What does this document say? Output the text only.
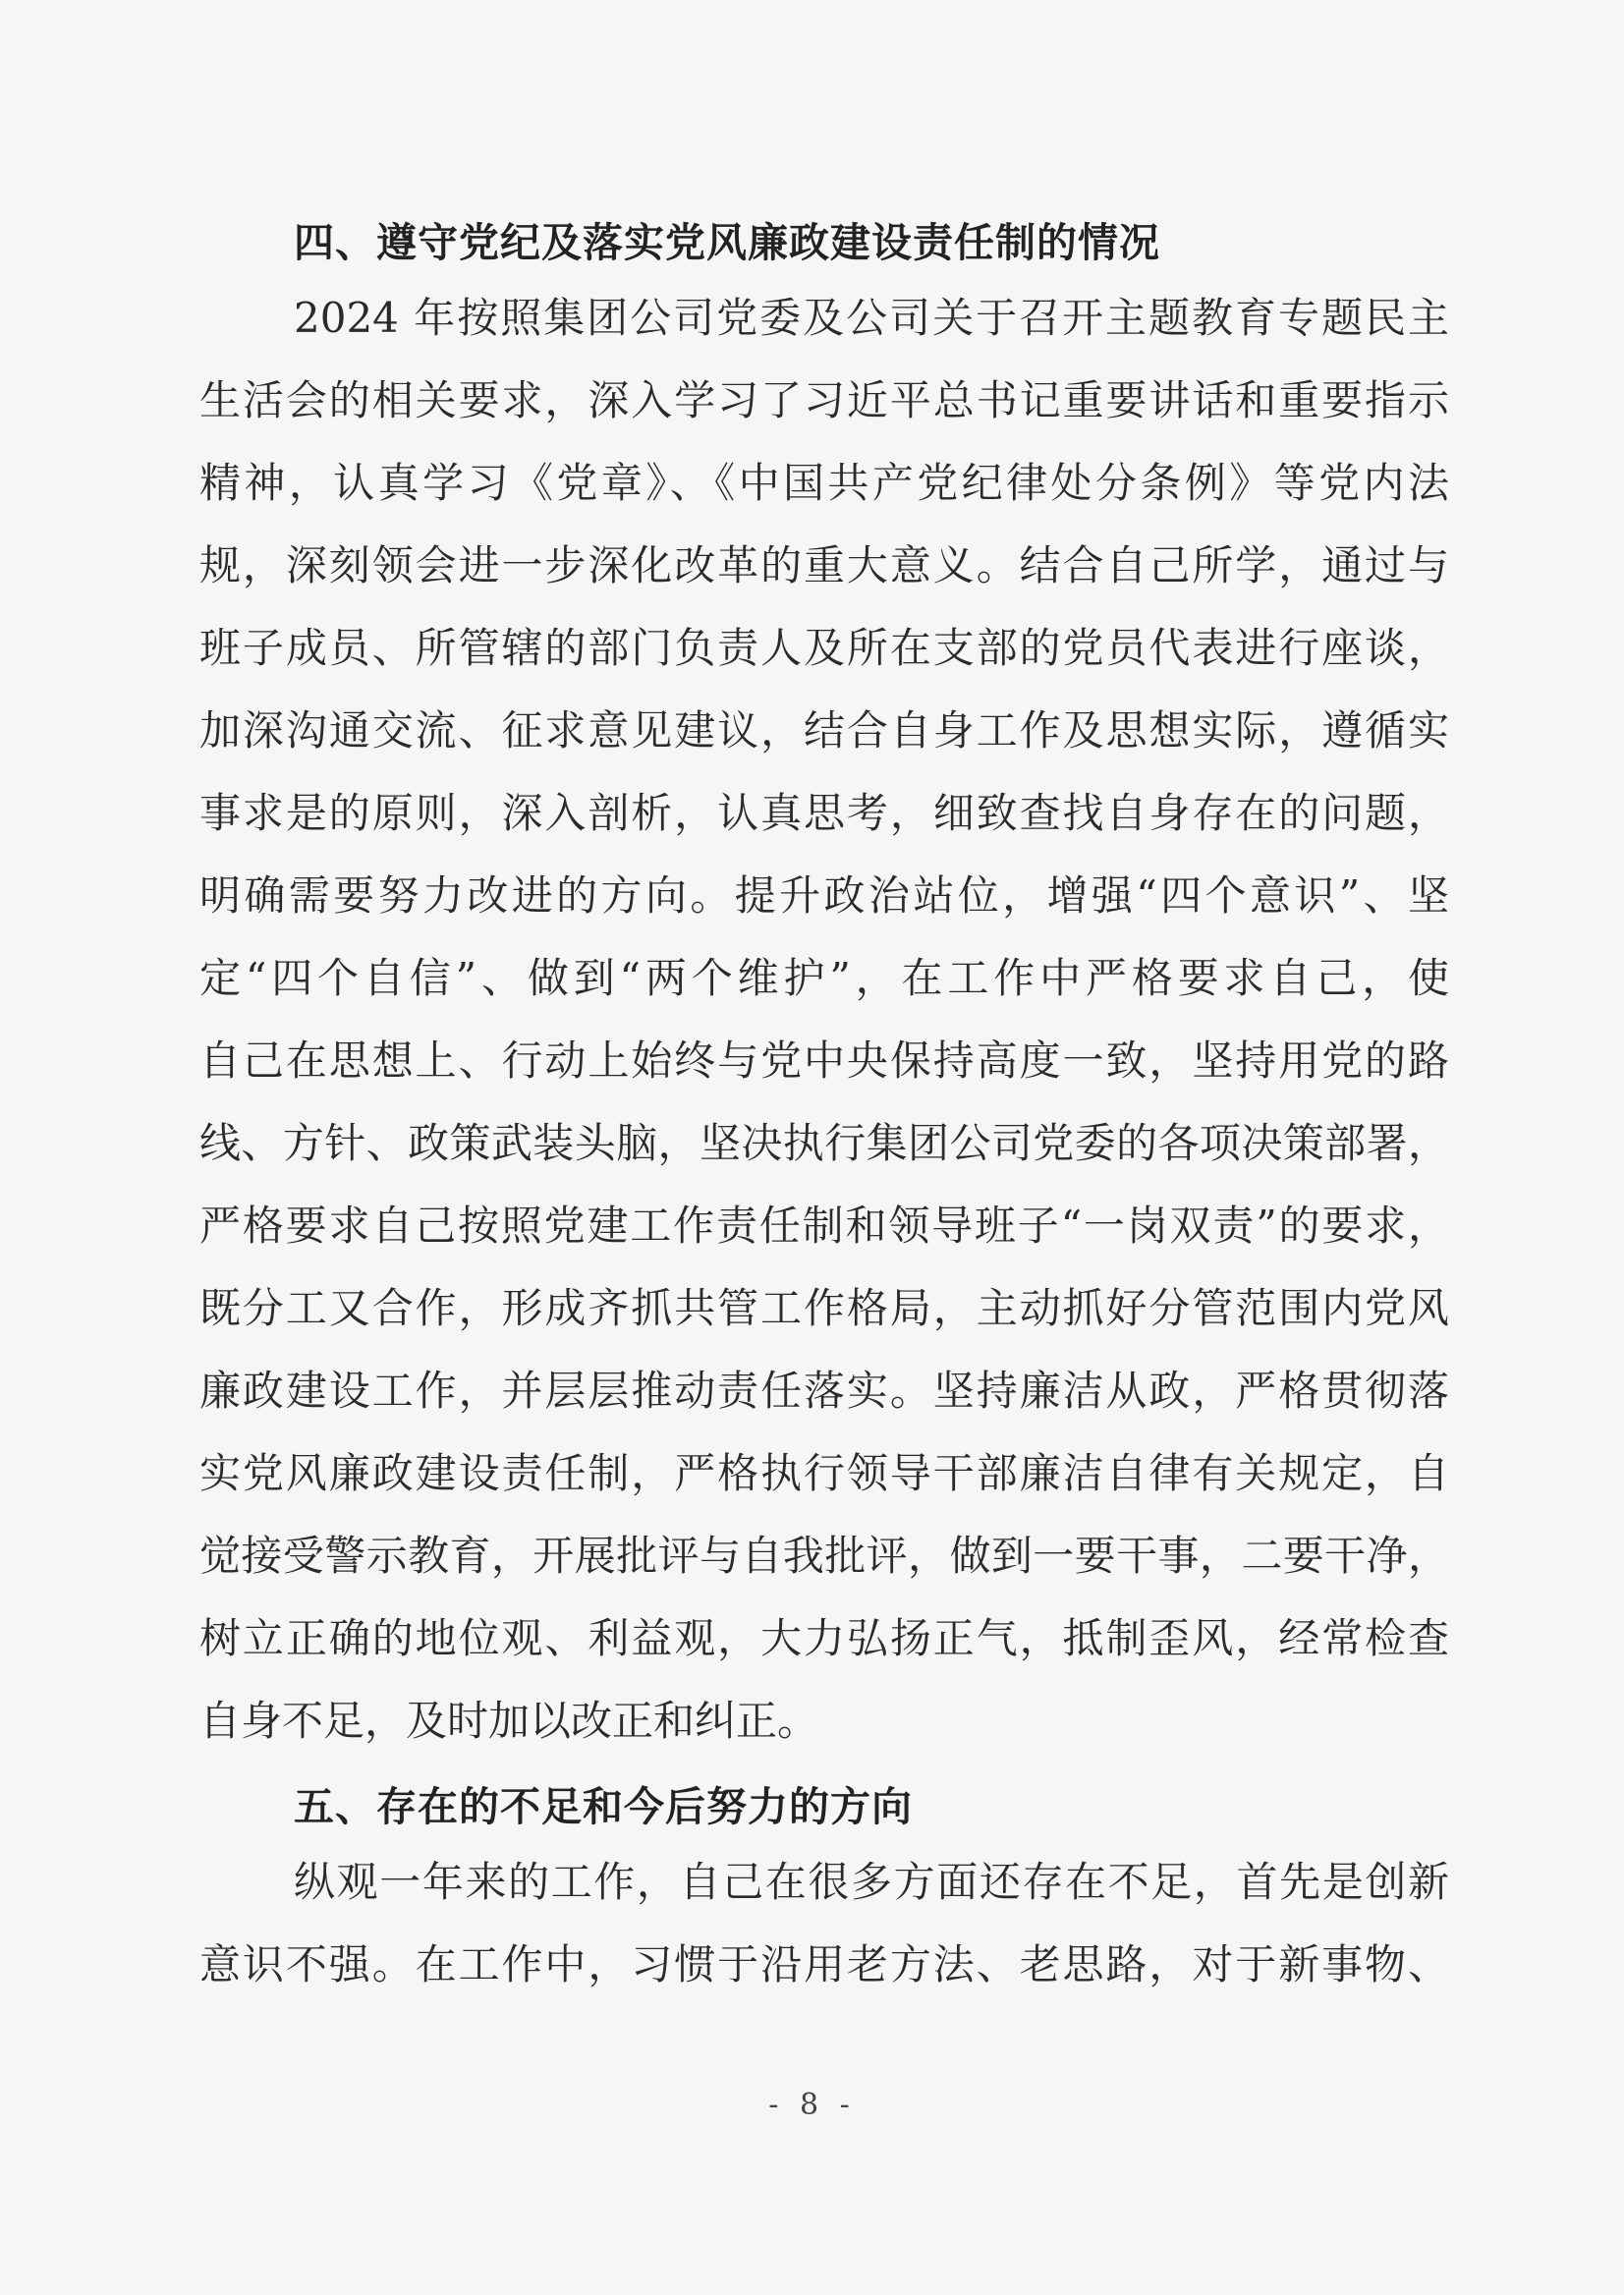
四、遵守党纪及落实党风廉政建设责任制的情况
2024 年按照集团公司党委及公司关于召开主题教育专题民主
生活会的相关要求，深入学习了习近平总书记重要讲话和重要指示
精神，认真学习《党章》、《中国共产党纪律处分条例》等党内法
规，深刻领会进一步深化改革的重大意义。结合自己所学，通过与
班子成员、所管辖的部门负责人及所在支部的党员代表进行座谈，
加深沟通交流、征求意见建议，结合自身工作及思想实际，遵循实
事求是的原则，深入剖析，认真思考，细致查找自身存在的问题，
明确需要努力改进的方向。提升政治站位，增强“四个意识”、坚
定“四个自信”、做到“两个维护”，在工作中严格要求自己，使
自己在思想上、行动上始终与党中央保持高度一致，坚持用党的路
线、方针、政策武装头脑，坚决执行集团公司党委的各项决策部署，
严格要求自己按照党建工作责任制和领导班子“一岗双责”的要求，
既分工又合作，形成齐抓共管工作格局，主动抓好分管范围内党风
廉政建设工作，并层层推动责任落实。坚持廉洁从政，严格贯彻落
实党风廉政建设责任制，严格执行领导干部廉洁自律有关规定，自
觉接受警示教育，开展批评与自我批评，做到一要干事，二要干净，
树立正确的地位观、利益观，大力弘扬正气，抵制歪风，经常检查
自身不足，及时加以改正和纠正。
五、存在的不足和今后努力的方向
纵观一年来的工作，自己在很多方面还存在不足，首先是创新
意识不强。在工作中，习惯于沿用老方法、老思路，对于新事物、
- 8 -
